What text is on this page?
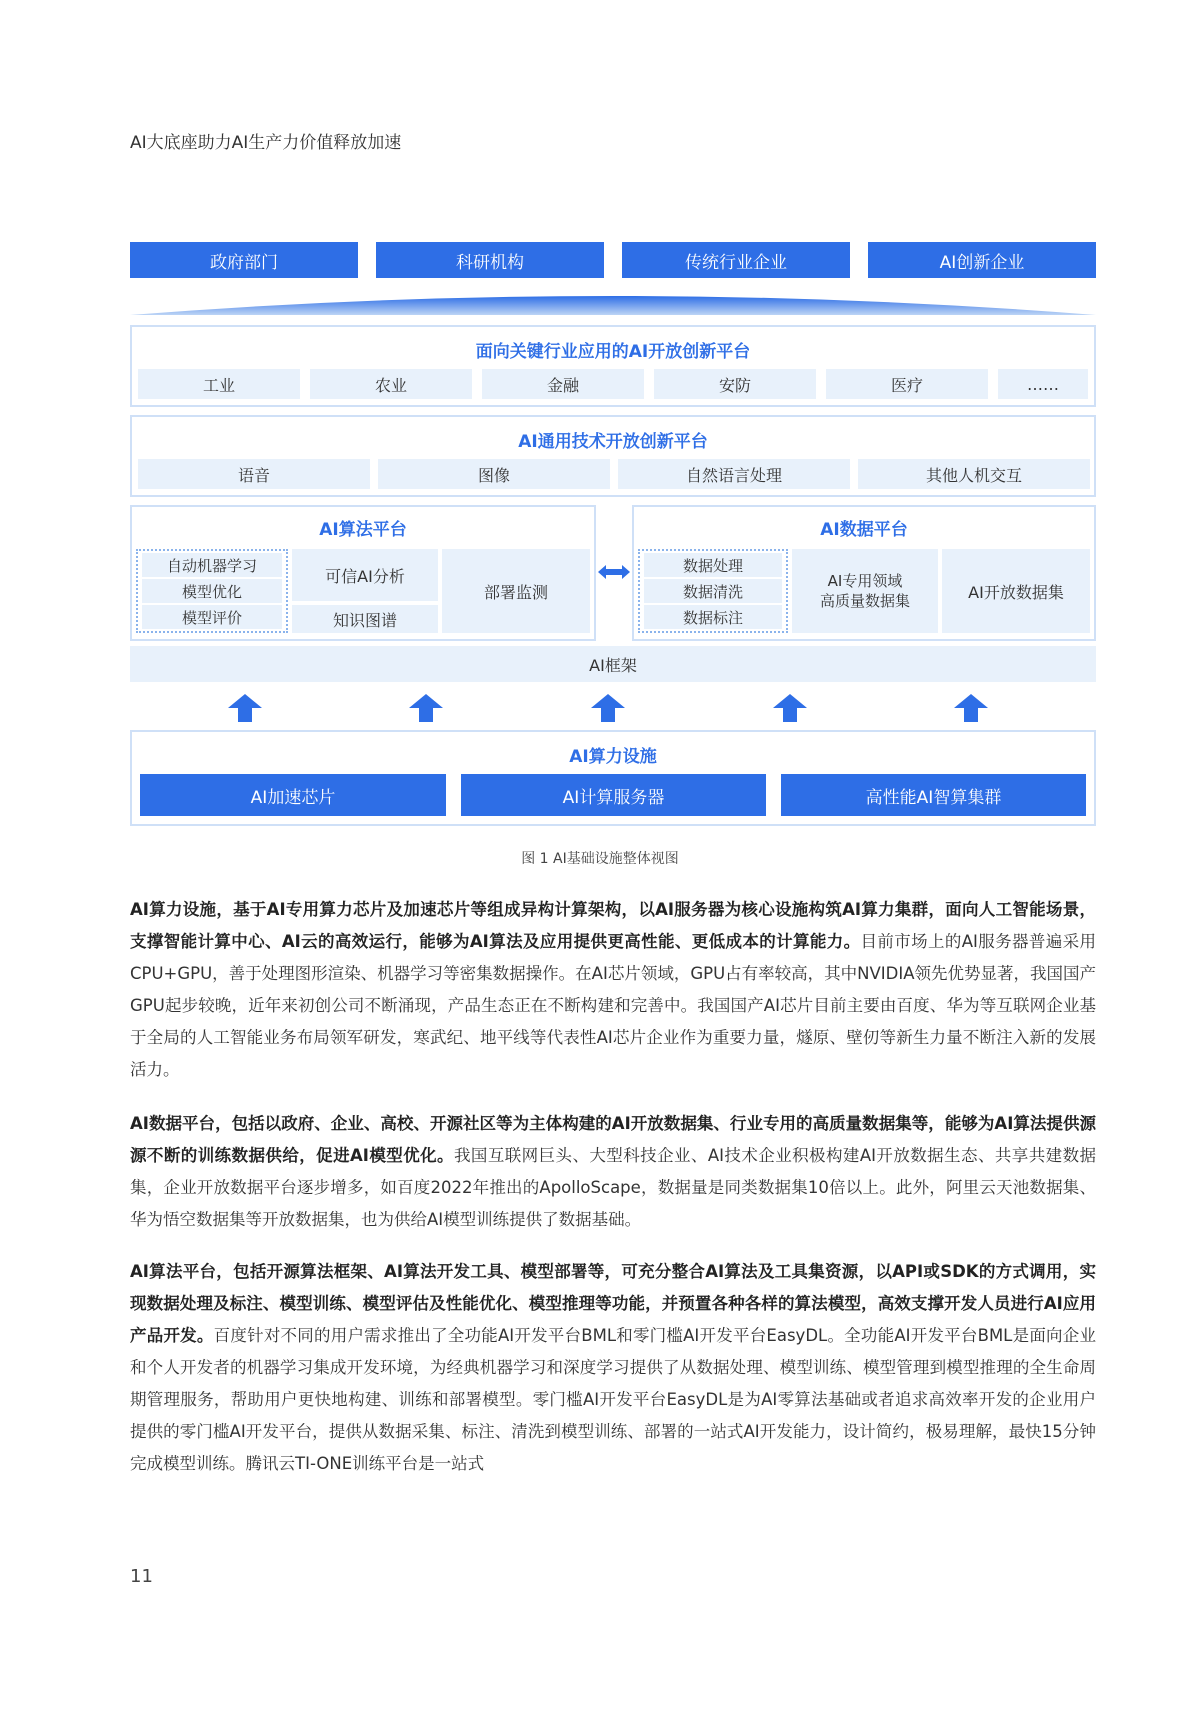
AI大底座助力AI生产力价值释放加速
政府部门	科研机构	传统行业企业	AI创新企业
面向关键行业应用的AI开放创新平台
工业	农业	金融	安防	医疗	……
AI通用技术开放创新平台
语音	图像	自然语言处理	其他人机交互
AI算法平台
自动机器学习
模型优化
模型评价
可信AI分析
知识图谱
部署监测
AI数据平台
数据处理
数据清洗
数据标注
AI专用领域
高质量数据集	AI开放数据集
AI框架
AI算力设施
AI加速芯片	AI计算服务器	高性能AI智算集群
图 1 AI基础设施整体视图
AI算力设施，基于AI专用算力芯片及加速芯片等组成异构计算架构，以AI服务器为核心设施构筑AI算力集群，面向人工智能场景，支撑智能计算中心、AI云的高效运行，能够为AI算法及应用提供更高性能、更低成本的计算能力。目前市场上的AI服务器普遍采用CPU+GPU，善于处理图形渲染、机器学习等密集数据操作。在AI芯片领域，GPU占有率较高，其中NVIDIA领先优势显著，我国国产GPU起步较晚，近年来初创公司不断涌现，产品生态正在不断构建和完善中。我国国产AI芯片目前主要由百度、华为等互联网企业基于全局的人工智能业务布局领军研发，寒武纪、地平线等代表性AI芯片企业作为重要力量，燧原、壁仞等新生力量不断注入新的发展活力。
AI数据平台，包括以政府、企业、高校、开源社区等为主体构建的AI开放数据集、行业专用的高质量数据集等，能够为AI算法提供源源不断的训练数据供给，促进AI模型优化。我国互联网巨头、大型科技企业、AI技术企业积极构建AI开放数据生态、共享共建数据集，企业开放数据平台逐步增多，如百度2022年推出的ApolloScape，数据量是同类数据集10倍以上。此外，阿里云天池数据集、华为悟空数据集等开放数据集，也为供给AI模型训练提供了数据基础。
AI算法平台，包括开源算法框架、AI算法开发工具、模型部署等，可充分整合AI算法及工具集资源，以API或SDK的方式调用，实现数据处理及标注、模型训练、模型评估及性能优化、模型推理等功能，并预置各种各样的算法模型，高效支撑开发人员进行AI应用产品开发。百度针对不同的用户需求推出了全功能AI开发平台BML和零门槛AI开发平台EasyDL。全功能AI开发平台BML是面向企业和个人开发者的机器学习集成开发环境，为经典机器学习和深度学习提供了从数据处理、模型训练、模型管理到模型推理的全生命周期管理服务，帮助用户更快地构建、训练和部署模型。零门槛AI开发平台EasyDL是为AI零算法基础或者追求高效率开发的企业用户提供的零门槛AI开发平台，提供从数据采集、标注、清洗到模型训练、部署的一站式AI开发能力，设计简约，极易理解，最快15分钟完成模型训练。腾讯云TI-ONE训练平台是一站式
11
